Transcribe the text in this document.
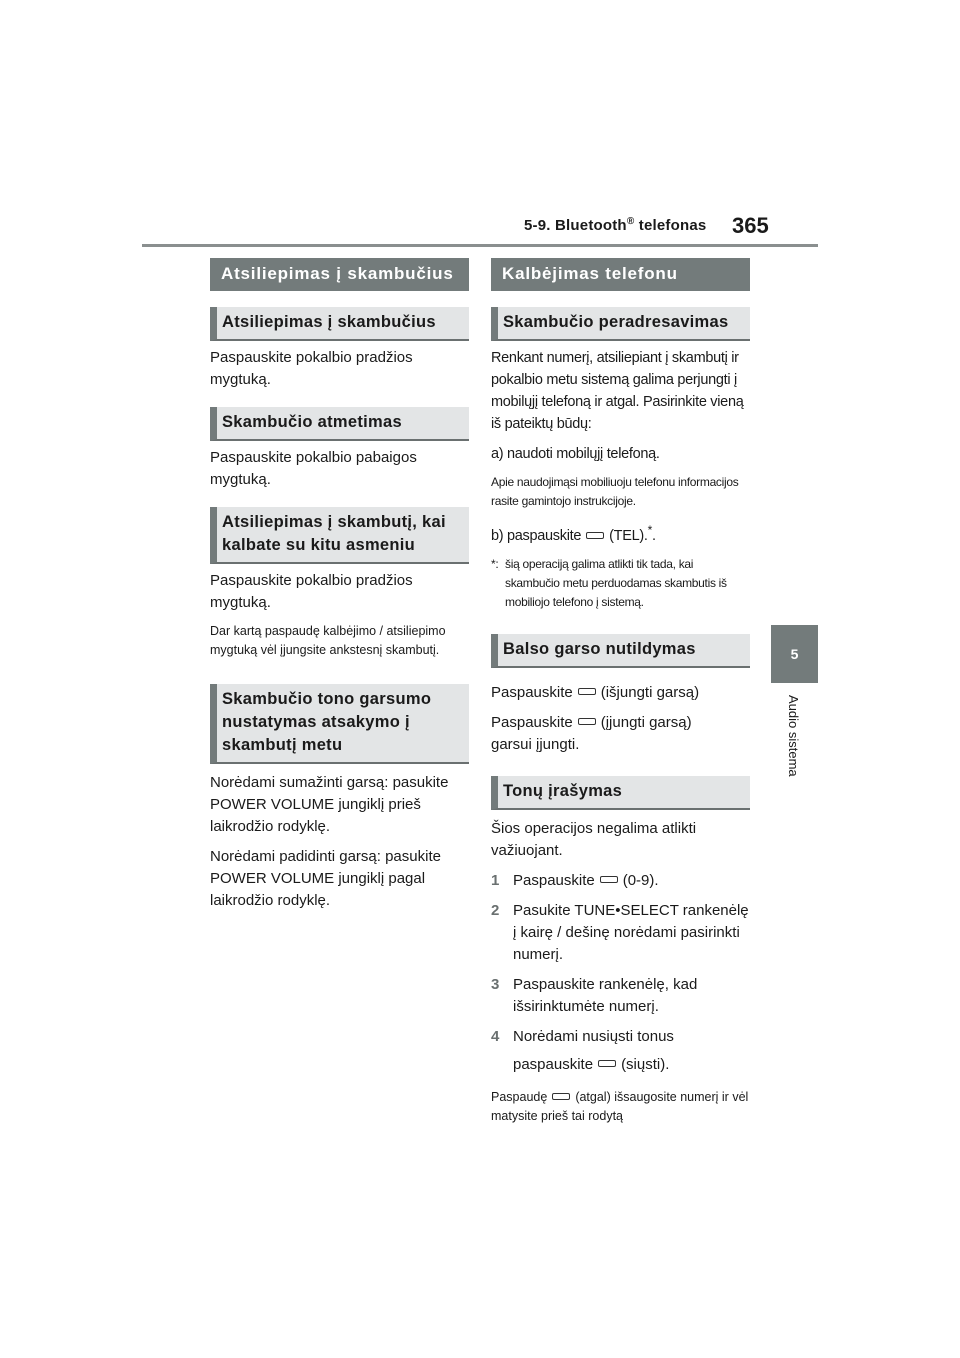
5-9. Bluetooth® telefonas 365
5
Audio sistema
Atsiliepimas į skambučius
Atsiliepimas į skambučius
Paspauskite pokalbio pradžios mygtuką.
Skambučio atmetimas
Paspauskite pokalbio pabaigos mygtuką.
Atsiliepimas į skambutį, kai kalbate su kitu asmeniu
Paspauskite pokalbio pradžios mygtuką.
Dar kartą paspaudę kalbėjimo / atsiliepimo mygtuką vėl įjungsite ankstesnį skambutį.
Skambučio tono garsumo nustatymas atsakymo į skambutį metu
Norėdami sumažinti garsą: pasukite POWER VOLUME jungiklį prieš laikrodžio rodyklę.
Norėdami padidinti garsą: pasukite POWER VOLUME jungiklį pagal laikrodžio rodyklę.
Kalbėjimas telefonu
Skambučio peradresavimas
Renkant numerį, atsiliepiant į skambutį ir pokalbio metu sistemą galima perjungti į mobilųjį telefoną ir atgal. Pasirinkite vieną iš pateiktų būdų:
a) naudoti mobilųjį telefoną.
Apie naudojimąsi mobiliuoju telefonu informacijos rasite gamintojo instrukcijoje.
b) paspauskite (TEL).*.
*: šią operaciją galima atlikti tik tada, kai skambučio metu perduodamas skambutis iš mobiliojo telefono į sistemą.
Balso garso nutildymas
Paspauskite (išjungti garsą)
Paspauskite (įjungti garsą)
garsui įjungti.
Tonų įrašymas
Šios operacijos negalima atlikti važiuojant.
1 Paspauskite (0-9).
2 Pasukite TUNE•SELECT rankenėlę į kairę / dešinę norėdami pasirinkti numerį.
3 Paspauskite rankenėlę, kad išsirinktumėte numerį.
4 Norėdami nusiųsti tonus
paspauskite (siųsti).
Paspaudę (atgal) išsaugosite numerį ir vėl matysite prieš tai rodytą
